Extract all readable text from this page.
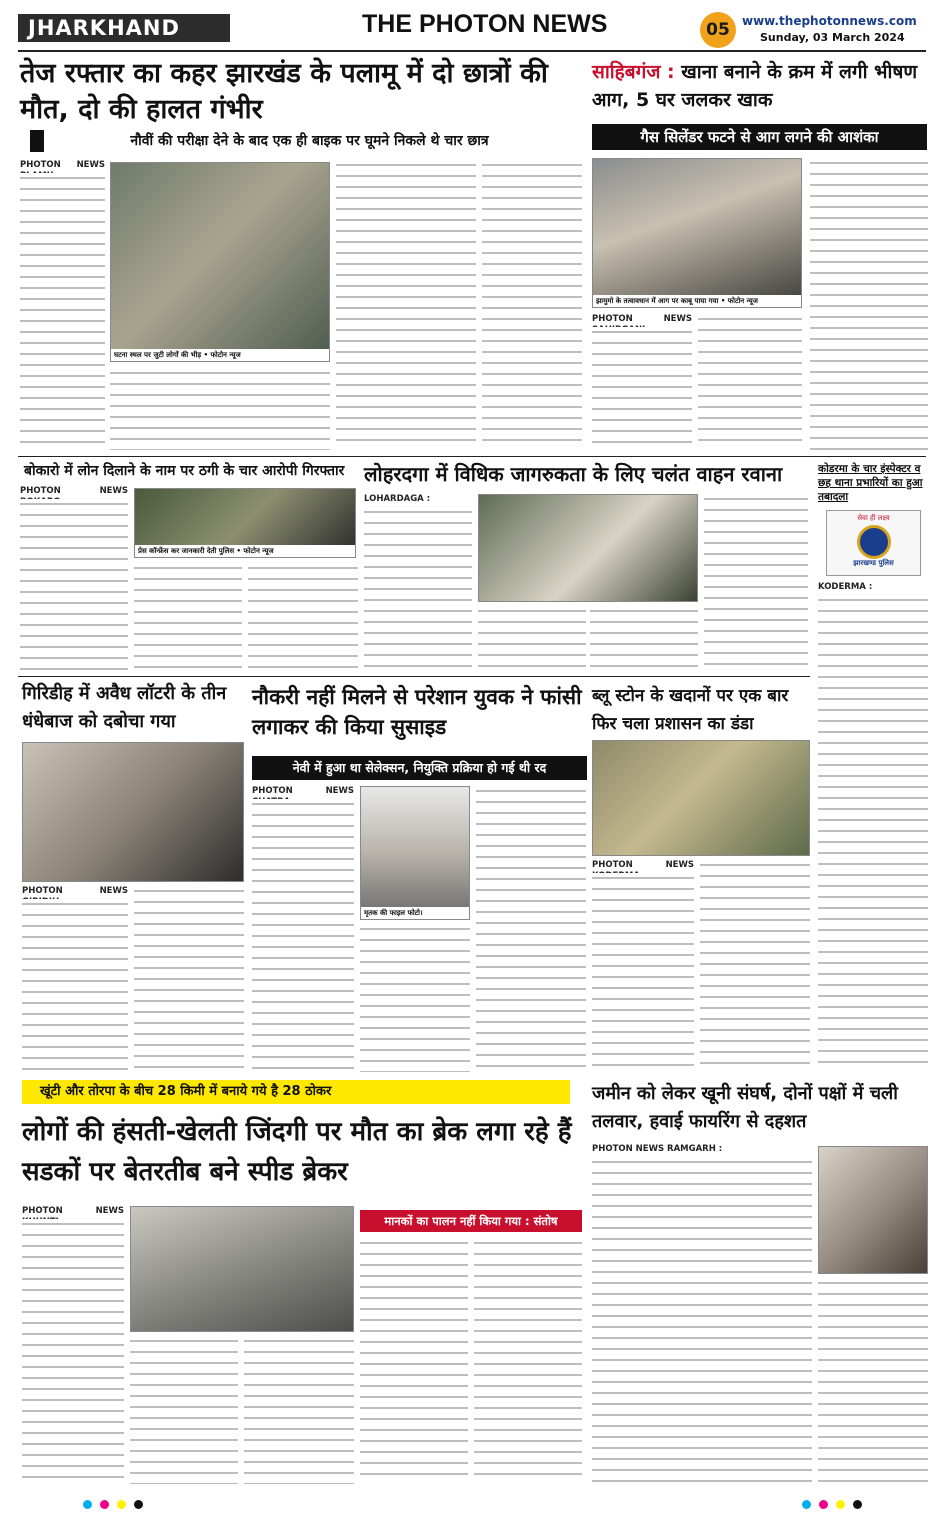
JHARKHAND	THE PHOTON NEWS	05	www.thephotonnews.com
Sunday, 03 March 2024
तेज रफ्तार का कहर झारखंड के पलामू में दो छात्रों की मौत, दो की हालत गंभीर
नौवीं की परीक्षा देने के बाद एक ही बाइक पर घूमने निकले थे चार छात्र
PHOTON NEWS
घटना स्थल पर जुटी लोगों की भीड़ • फोटोन न्यूज
साहिबगंज : खाना बनाने के क्रम में लगी भीषण आग, 5 घर जलकर खाक
गैस सिलेंडर फटने से आग लगने की आशंका
झामुमो के तत्वावधान में आग पर काबू पाया गया • फोटोन न्यूज
PHOTON NEWS
बोकारो में लोन दिलाने के नाम पर ठगी के चार आरोपी गिरफ्तार
PHOTON NEWS
प्रेस कॉन्फ्रेंस कर जानकारी देती पुलिस • फोटोन न्यूज
लोहरदगा में विधिक जागरुकता के लिए चलंत वाहन रवाना
LOHARDAGA :
कोडरमा के चार इंस्पेक्टर व छह थाना प्रभारियों का हुआ तबादला
सेवा ही लक्ष्य
झारखण्ड पुलिस
KODERMA :
गिरिडीह में अवैध लॉटरी के तीन धंधेबाज को दबोचा गया
PHOTON NEWS
नौकरी नहीं मिलने से परेशान युवक ने फांसी लगाकर की किया सुसाइड
नेवी में हुआ था सेलेक्सन, नियुक्ति प्रक्रिया हो गई थी रद
PHOTON NEWS
मृतक की फाइल फोटो।
ब्लू स्टोन के खदानों पर एक बार फिर चला प्रशासन का डंडा
PHOTON NEWS
खूंटी और तोरपा के बीच 28 किमी में बनाये गये है 28 ठोकर
लोगों की हंसती-खेलती जिंदगी पर मौत का ब्रेक लगा रहे हैं सडकों पर बेतरतीब बने स्पीड ब्रेकर
PHOTON NEWS
मानकों का पालन नहीं किया गया : संतोष
जमीन को लेकर खूनी संघर्ष, दोनों पक्षों में चली तलवार, हवाई फायरिंग से दहशत
PHOTON NEWS RAMGARH :
